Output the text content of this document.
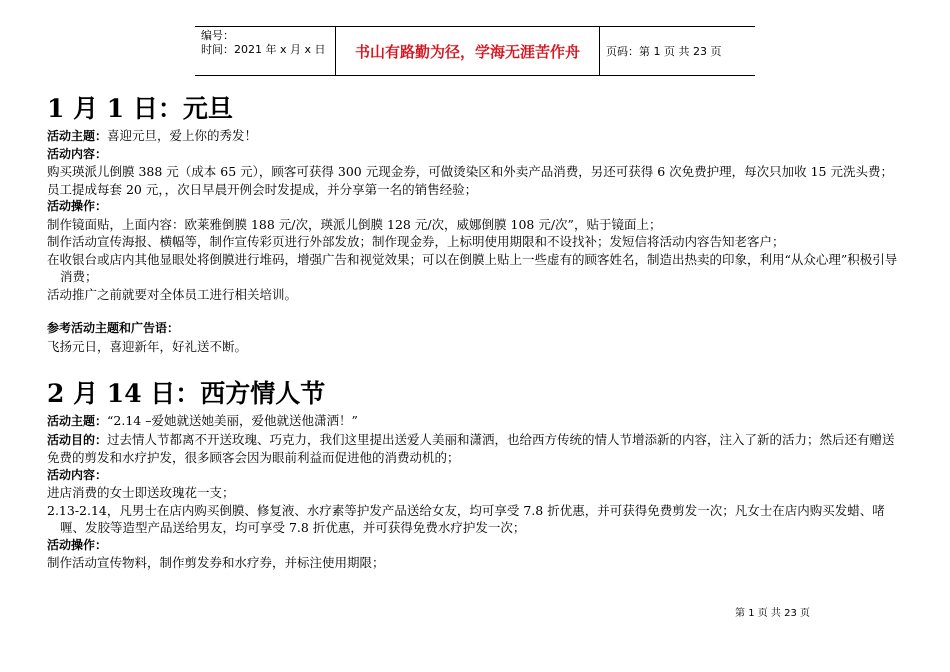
编号：
时间：2021 年 x 月 x 日	书山有路勤为径，学海无涯苦作舟	页码：第 1 页 共 23 页
1 月 1 日：元旦
活动主题：喜迎元旦，爱上你的秀发！
活动内容：
购买瑛派儿倒膜 388 元（成本 65 元），顾客可获得 300 元现金券，可做烫染区和外卖产品消费，另还可获得 6 次免费护理，每次只加收 15 元洗头费；
员工提成每套 20 元，，次日早晨开例会时发提成，并分享第一名的销售经验；
活动操作：
制作镜面贴，上面内容：欧莱雅倒膜 188 元/次，瑛派儿倒膜 128 元/次，威娜倒膜 108 元/次”，贴于镜面上；
制作活动宣传海报、横幅等，制作宣传彩页进行外部发放；制作现金券，上标明使用期限和不设找补；发短信将活动内容告知老客户；
在收银台或店内其他显眼处将倒膜进行堆码，增强广告和视觉效果；可以在倒膜上贴上一些虚有的顾客姓名，制造出热卖的印象，利用“从众心理”积极引导消费；
活动推广之前就要对全体员工进行相关培训。
参考活动主题和广告语：
飞扬元日，喜迎新年，好礼送不断。
2 月 14 日：西方情人节
活动主题：“2.14 –爱她就送她美丽，爱他就送他潇洒！”
活动目的：过去情人节都离不开送玫瑰、巧克力，我们这里提出送爱人美丽和潇洒，也给西方传统的情人节增添新的内容，注入了新的活力；然后还有赠送免费的剪发和水疗护发，很多顾客会因为眼前利益而促进他的消费动机的；
活动内容：
进店消费的女士即送玫瑰花一支；
2.13-2.14，凡男士在店内购买倒膜、修复液、水疗素等护发产品送给女友，均可享受 7.8 折优惠，并可获得免费剪发一次；凡女士在店内购买发蜡、啫喱、发胶等造型产品送给男友，均可享受 7.8 折优惠，并可获得免费水疗护发一次；
活动操作：
制作活动宣传物料，制作剪发券和水疗券，并标注使用期限；
第 1 页 共 23 页
